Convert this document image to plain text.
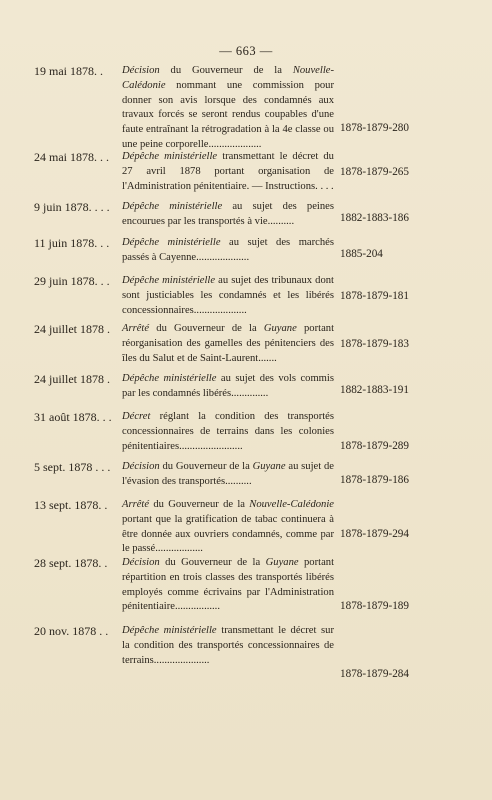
— 663 —
19 mai 1878. . Décision du Gouverneur de la Nouvelle-Calédonie nommant une commission pour donner son avis lorsque des condamnés aux travaux forcés se seront rendus coupables d'une faute entraînant la rétrogradation à la 4e classe ou une peine corporelle....................
1878-1879-280
24 mai 1878. . . Dépêche ministérielle transmettant le décret du 27 avril 1878 portant organisation de l'Administration pénitentiaire. — Instructions. . . .
1878-1879-265
9 juin 1878. . . . Dépêche ministérielle au sujet des peines encourues par les transportés à vie..........	1882-1883-186
11 juin 1878. . . Dépêche ministérielle au sujet des marchés passés à Cayenne....................	1885-204
29 juin 1878. . . Dépêche ministérielle au sujet des tribunaux dont sont justiciables les condamnés et les libérés concessionnaires....................
1878-1879-181
24 juillet 1878 . Arrêté du Gouverneur de la Guyane portant réorganisation des gamelles des pénitenciers des îles du Salut et de Saint-Laurent.......
1878-1879-183
24 juillet 1878 . Dépêche ministérielle au sujet des vols commis par les condamnés libérés..............	1882-1883-191
31 août 1878. . . Décret réglant la condition des transportés concessionnaires de terrains dans les colonies pénitentiaires........................	1878-1879-289
5 sept. 1878 . . . Décision du Gouverneur de la Guyane au sujet de l'évasion des transportés..........	1878-1879-186
13 sept. 1878. . Arrêté du Gouverneur de la Nouvelle-Calédonie portant que la gratification de tabac continuera à être donnée aux ouvriers condamnés, comme par le passé..................
1878-1879-294
28 sept. 1878. . Décision du Gouverneur de la Guyane portant répartition en trois classes des transportés libérés employés comme écrivains par l'Administration pénitentiaire.................	1878-1879-189
20 nov. 1878 . . Dépêche ministérielle transmettant le décret sur la condition des transportés concessionnaires de terrains.....................
1878-1879-284
